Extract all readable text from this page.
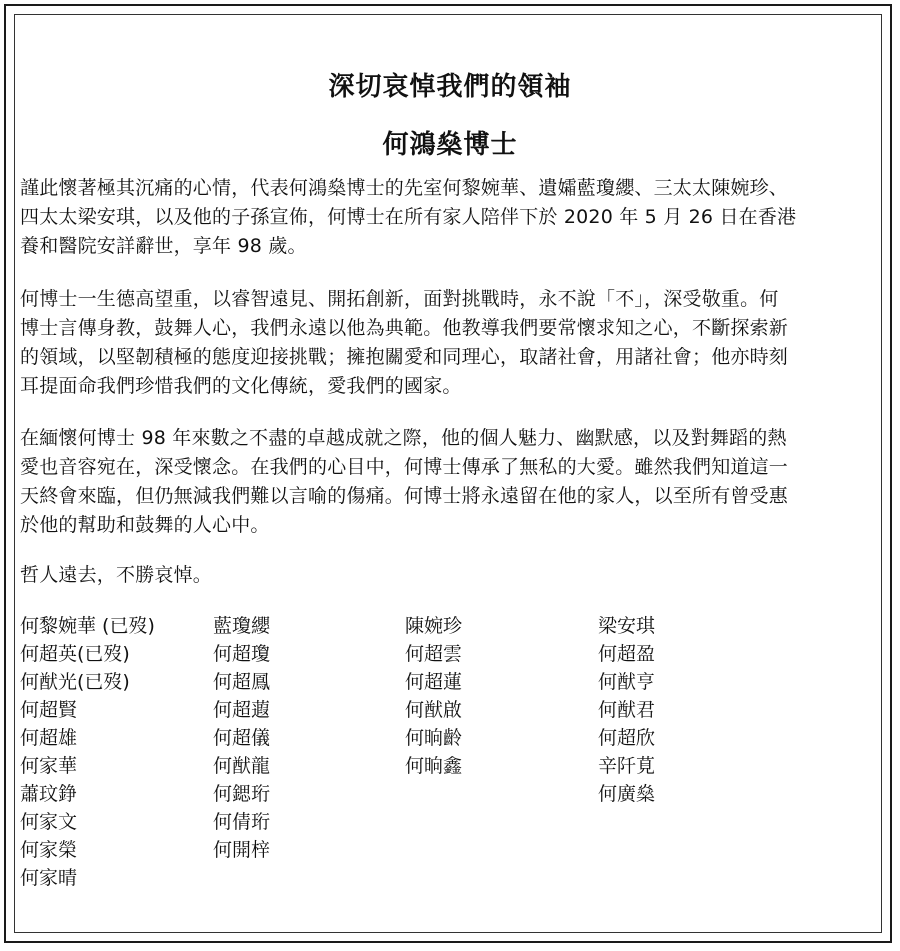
深切哀悼我們的領袖
何鴻燊博士
謹此懷著極其沉痛的心情，代表何鴻燊博士的先室何黎婉華、遺孀藍瓊纓、三太太陳婉珍、
四太太梁安琪，以及他的子孫宣佈，何博士在所有家人陪伴下於 2020 年 5 月 26 日在香港
養和醫院安詳辭世，享年 98 歲。
何博士一生德高望重，以睿智遠見、開拓創新，面對挑戰時，永不說「不」，深受敬重。何
博士言傳身教，鼓舞人心，我們永遠以他為典範。他教導我們要常懷求知之心，不斷探索新
的領域，以堅韌積極的態度迎接挑戰；擁抱關愛和同理心，取諸社會，用諸社會；他亦時刻
耳提面命我們珍惜我們的文化傳統，愛我們的國家。
在緬懷何博士 98 年來數之不盡的卓越成就之際，他的個人魅力、幽默感，以及對舞蹈的熱
愛也音容宛在，深受懷念。在我們的心目中，何博士傳承了無私的大愛。雖然我們知道這一
天終會來臨，但仍無減我們難以言喻的傷痛。何博士將永遠留在他的家人，以至所有曾受惠
於他的幫助和鼓舞的人心中。
哲人遠去，不勝哀悼。
何黎婉華 (已歿)
何超英(已歿)
何猷光(已歿)
何超賢
何超雄
何家華
蕭玟錚
何家文
何家榮
何家晴
藍瓊纓
何超瓊
何超鳳
何超蕸
何超儀
何猷龍
何鍶珩
何倩珩
何開梓
陳婉珍
何超雲
何超蓮
何猷啟
何晌齡
何晌鑫
梁安琪
何超盈
何猷亨
何猷君
何超欣
辛阡莧
何廣燊
